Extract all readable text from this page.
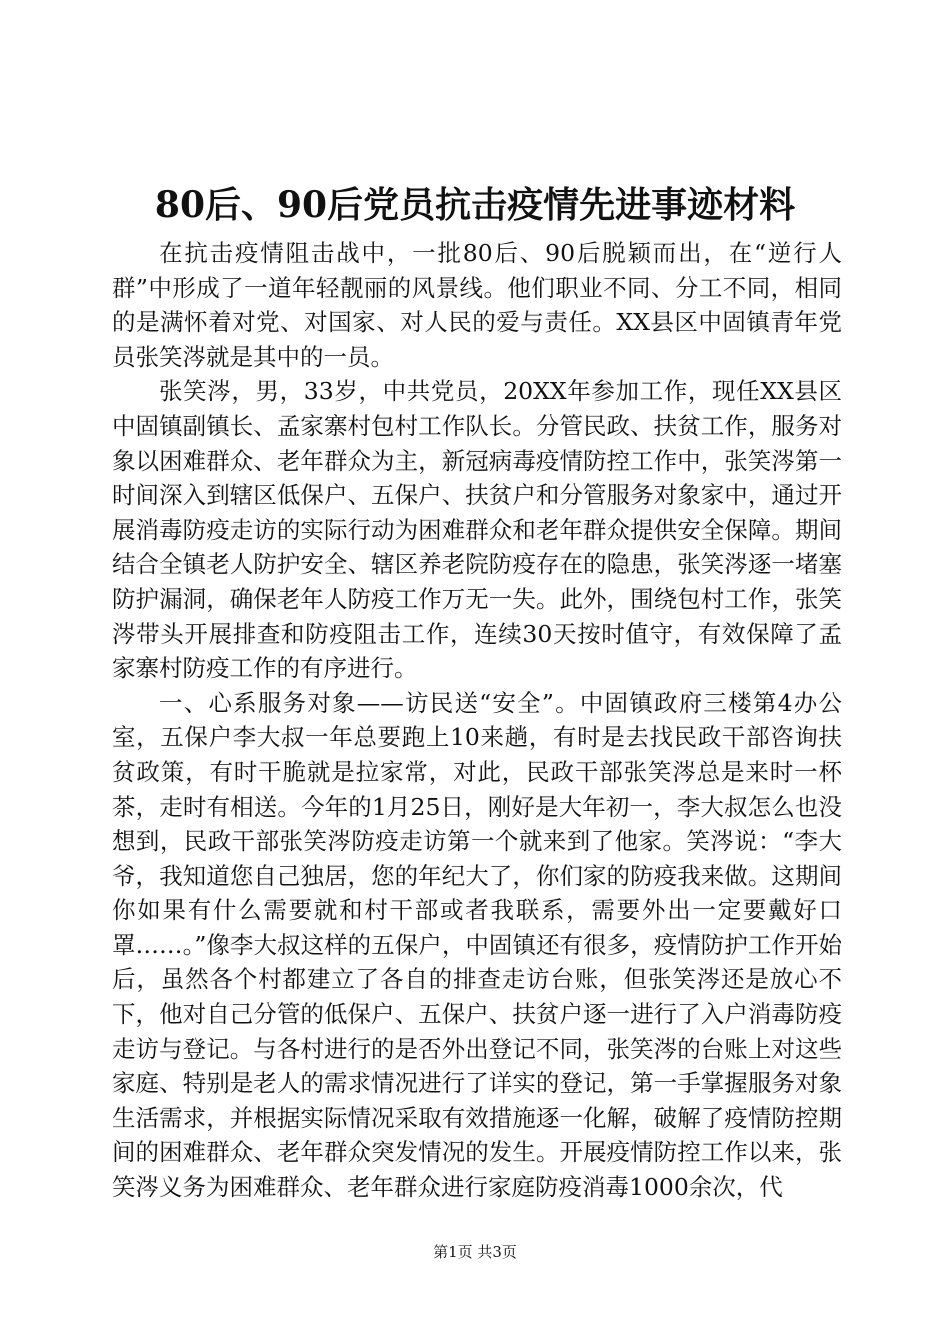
80后、90后党员抗击疫情先进事迹材料

在抗击疫情阻击战中，一批80后、90后脱颖而出，在“逆行人群”中形成了一道年轻靓丽的风景线。他们职业不同、分工不同，相同的是满怀着对党、对国家、对人民的爱与责任。XX县区中固镇青年党员张笑涔就是其中的一员。

张笑涔，男，33岁，中共党员，20XX年参加工作，现任XX县区中固镇副镇长、孟家寨村包村工作队长。分管民政、扶贫工作，服务对象以困难群众、老年群众为主，新冠病毒疫情防控工作中，张笑涔第一时间深入到辖区低保户、五保户、扶贫户和分管服务对象家中，通过开展消毒防疫走访的实际行动为困难群众和老年群众提供安全保障。期间结合全镇老人防护安全、辖区养老院防疫存在的隐患，张笑涔逐一堵塞防护漏洞，确保老年人防疫工作万无一失。此外，围绕包村工作，张笑涔带头开展排查和防疫阻击工作，连续30天按时值守，有效保障了孟家寨村防疫工作的有序进行。

一、心系服务对象——访民送“安全”。中固镇政府三楼第4办公室，五保户李大叔一年总要跑上10来趟，有时是去找民政干部咨询扶贫政策，有时干脆就是拉家常，对此，民政干部张笑涔总是来时一杯茶，走时有相送。今年的1月25日，刚好是大年初一，李大叔怎么也没想到，民政干部张笑涔防疫走访第一个就来到了他家。笑涔说：“李大爷，我知道您自己独居，您的年纪大了，你们家的防疫我来做。这期间你如果有什么需要就和村干部或者我联系，需要外出一定要戴好口罩……。”像李大叔这样的五保户，中固镇还有很多，疫情防护工作开始后，虽然各个村都建立了各自的排查走访台账，但张笑涔还是放心不下，他对自己分管的低保户、五保户、扶贫户逐一进行了入户消毒防疫走访与登记。与各村进行的是否外出登记不同，张笑涔的台账上对这些家庭、特别是老人的需求情况进行了详实的登记，第一手掌握服务对象生活需求，并根据实际情况采取有效措施逐一化解，破解了疫情防控期间的困难群众、老年群众突发情况的发生。开展疫情防控工作以来，张笑涔义务为困难群众、老年群众进行家庭防疫消毒1000余次，代

第1页 共3页
